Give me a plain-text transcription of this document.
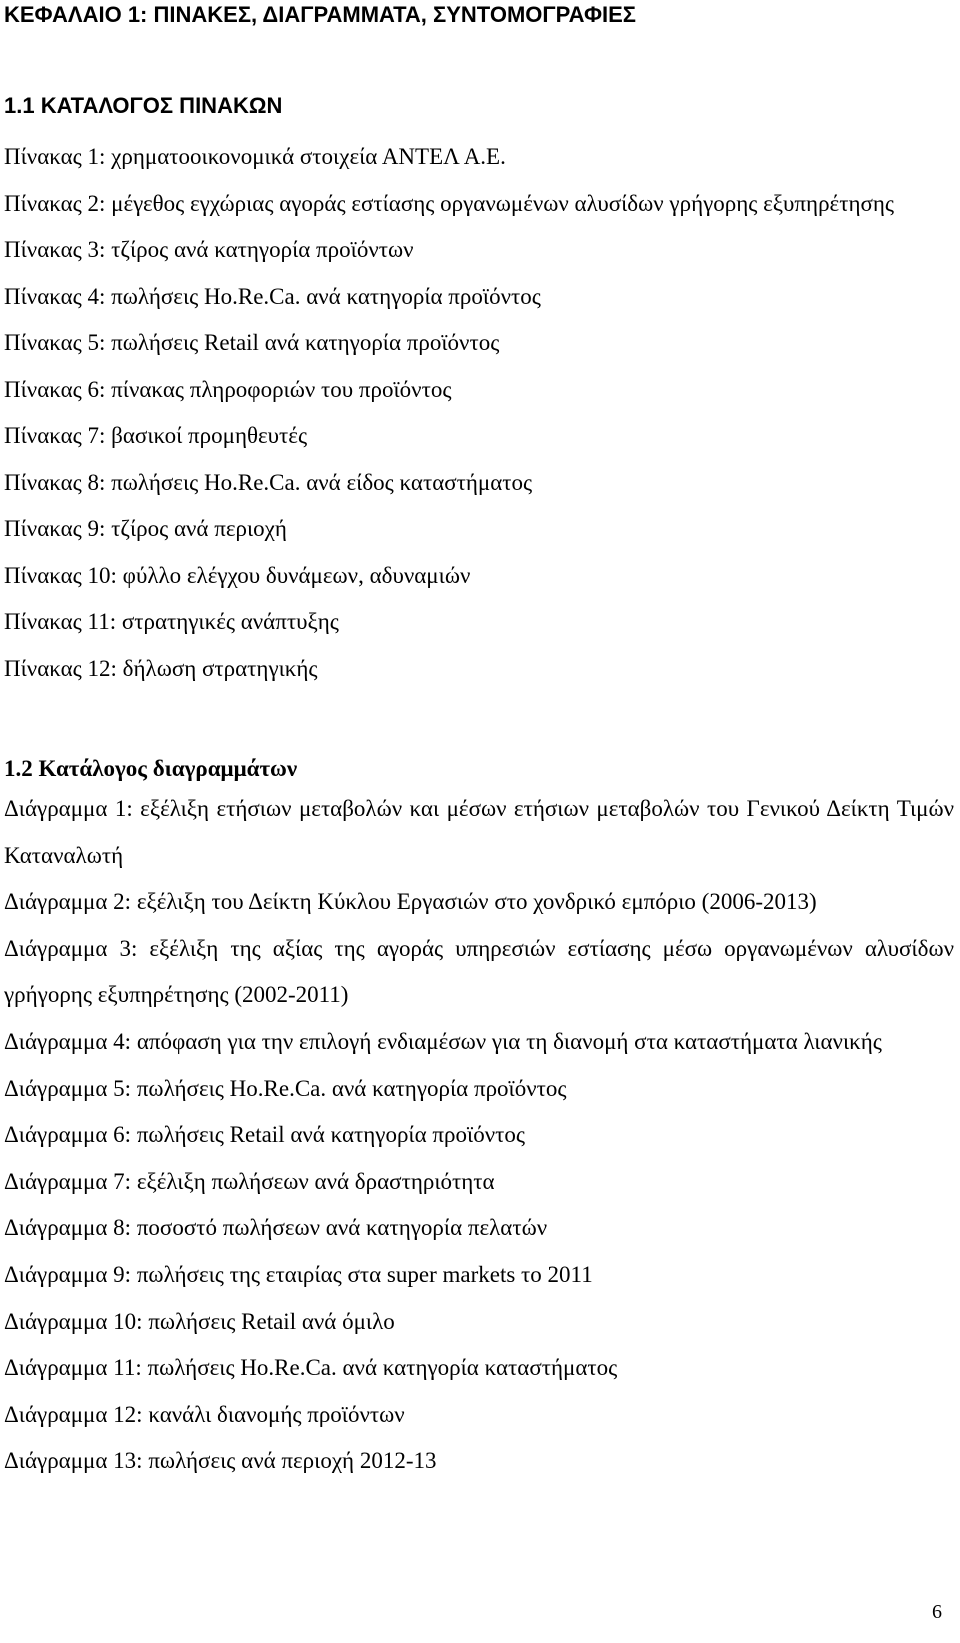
ΚΕΦΑΛΑΙΟ 1: ΠΙΝΑΚΕΣ, ΔΙΑΓΡΑΜΜΑΤΑ, ΣΥΝΤΟΜΟΓΡΑΦΙΕΣ
1.1 ΚΑΤΑΛΟΓΟΣ ΠΙΝΑΚΩΝ
Πίνακας 1: χρηματοοικονομικά στοιχεία ΑΝΤΕΛ Α.Ε.
Πίνακας 2: μέγεθος εγχώριας αγοράς εστίασης οργανωμένων αλυσίδων γρήγορης εξυπηρέτησης
Πίνακας 3: τζίρος ανά κατηγορία προϊόντων
Πίνακας 4: πωλήσεις Ho.Re.Ca. ανά κατηγορία προϊόντος
Πίνακας 5: πωλήσεις Retail ανά κατηγορία προϊόντος
Πίνακας 6: πίνακας πληροφοριών του προϊόντος
Πίνακας 7: βασικοί προμηθευτές
Πίνακας 8: πωλήσεις Ho.Re.Ca. ανά είδος καταστήματος
Πίνακας 9: τζίρος ανά περιοχή
Πίνακας 10: φύλλο ελέγχου δυνάμεων, αδυναμιών
Πίνακας 11: στρατηγικές ανάπτυξης
Πίνακας 12: δήλωση στρατηγικής
1.2 Κατάλογος διαγραμμάτων
Διάγραμμα 1: εξέλιξη ετήσιων μεταβολών και μέσων ετήσιων μεταβολών του Γενικού Δείκτη Τιμών Καταναλωτή
Διάγραμμα 2: εξέλιξη του Δείκτη Κύκλου Εργασιών στο χονδρικό εμπόριο (2006-2013)
Διάγραμμα 3: εξέλιξη της αξίας της αγοράς υπηρεσιών εστίασης μέσω οργανωμένων αλυσίδων γρήγορης εξυπηρέτησης (2002-2011)
Διάγραμμα 4: απόφαση για την επιλογή ενδιαμέσων για τη διανομή στα καταστήματα λιανικής
Διάγραμμα 5: πωλήσεις Ho.Re.Ca. ανά κατηγορία προϊόντος
Διάγραμμα 6: πωλήσεις Retail ανά κατηγορία προϊόντος
Διάγραμμα 7: εξέλιξη πωλήσεων ανά δραστηριότητα
Διάγραμμα 8: ποσοστό πωλήσεων ανά κατηγορία πελατών
Διάγραμμα 9: πωλήσεις της εταιρίας στα super markets το 2011
Διάγραμμα 10: πωλήσεις Retail ανά όμιλο
Διάγραμμα 11: πωλήσεις Ho.Re.Ca. ανά κατηγορία καταστήματος
Διάγραμμα 12: κανάλι διανομής προϊόντων
Διάγραμμα 13: πωλήσεις ανά περιοχή 2012-13
6
